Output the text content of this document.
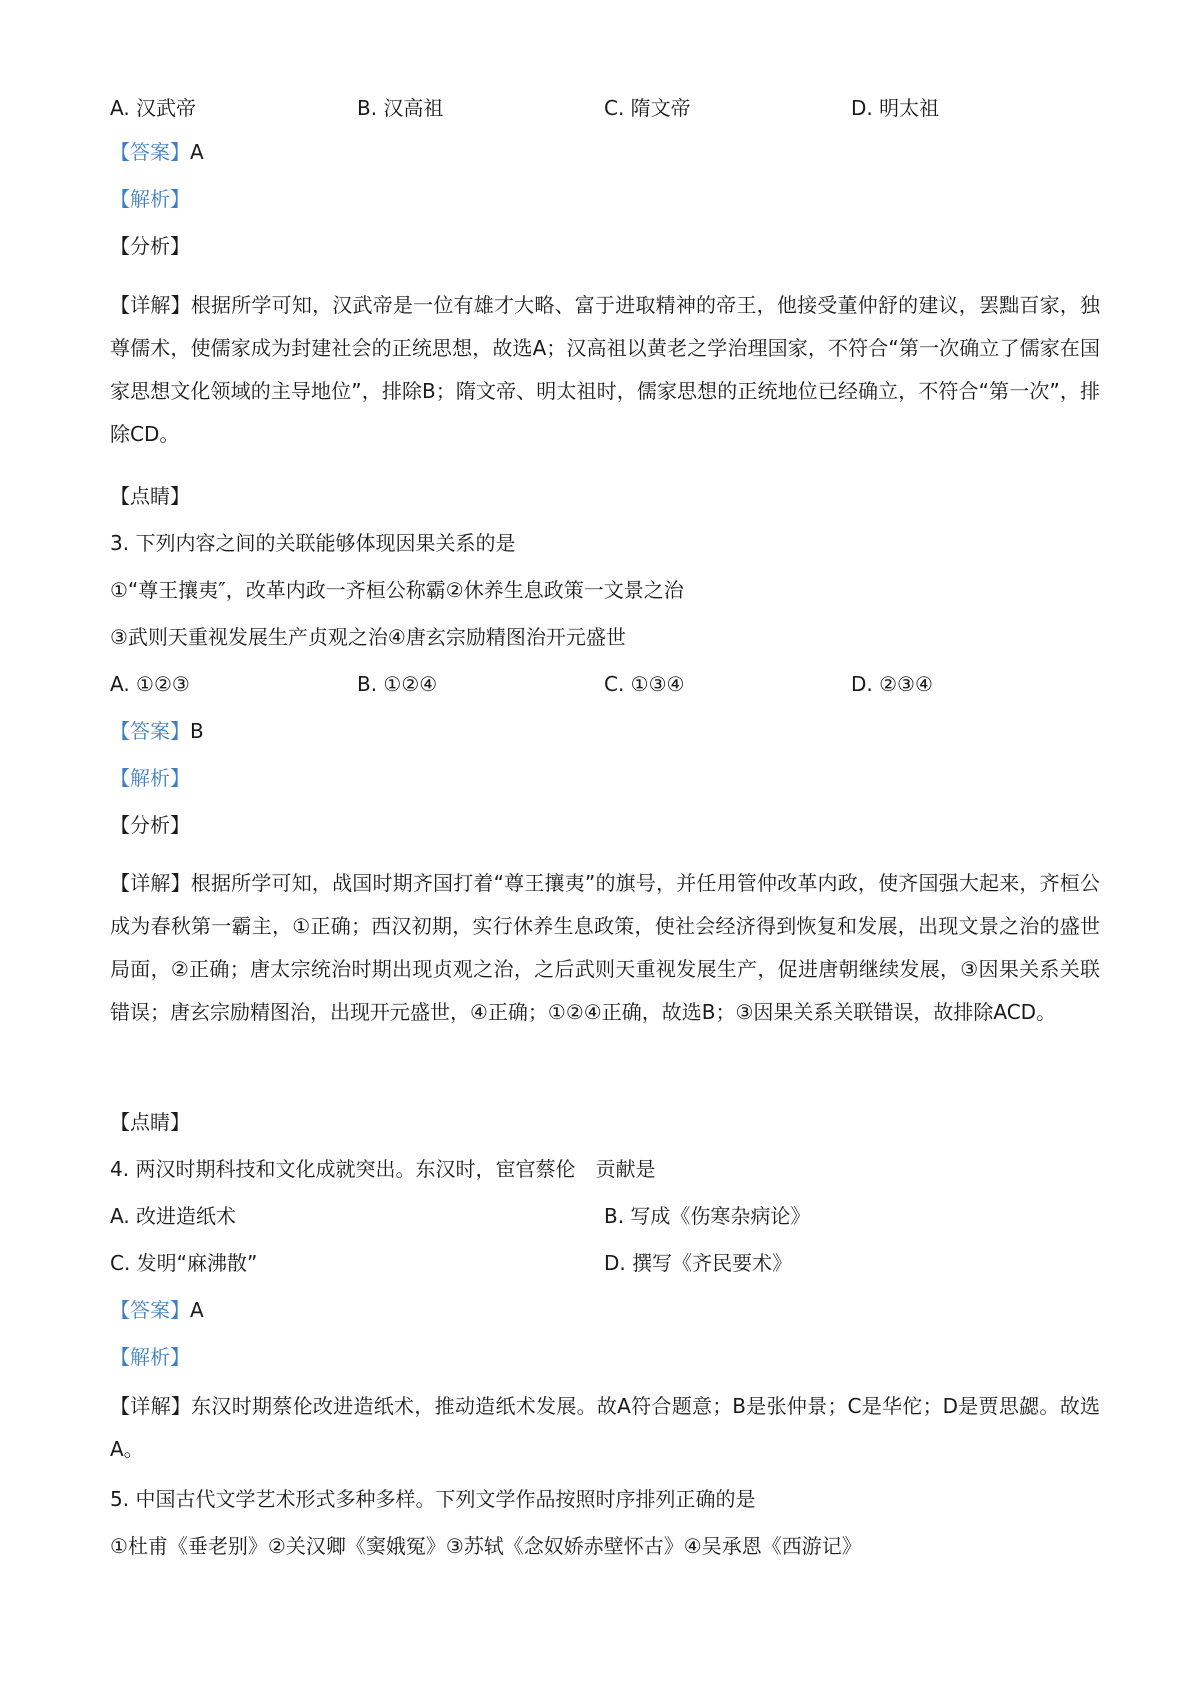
A. 汉武帝	B. 汉高祖	C. 隋文帝	D. 明太祖
【答案】A
【解析】
【分析】
【详解】根据所学可知，汉武帝是一位有雄才大略、富于进取精神的帝王，他接受董仲舒的建议，罢黜百家，独尊儒术，使儒家成为封建社会的正统思想，故选A；汉高祖以黄老之学治理国家，不符合“第一次确立了儒家在国家思想文化领域的主导地位”，排除B；隋文帝、明太祖时，儒家思想的正统地位已经确立，不符合“第一次”，排除CD。
【点睛】
3. 下列内容之间的关联能够体现因果关系的是
①“尊王攘夷″，改革内政一齐桓公称霸②休养生息政策一文景之治
③武则天重视发展生产贞观之治④唐玄宗励精图治开元盛世
A. ①②③	B. ①②④	C. ①③④	D. ②③④
【答案】B
【解析】
【分析】
【详解】根据所学可知，战国时期齐国打着“尊王攘夷”的旗号，并任用管仲改革内政，使齐国强大起来，齐桓公成为春秋第一霸主，①正确；西汉初期，实行休养生息政策，使社会经济得到恢复和发展，出现文景之治的盛世局面，②正确；唐太宗统治时期出现贞观之治，之后武则天重视发展生产，促进唐朝继续发展，③因果关系关联错误；唐玄宗励精图治，出现开元盛世，④正确；①②④正确，故选B；③因果关系关联错误，故排除ACD。
【点睛】
4. 两汉时期科技和文化成就突出。东汉时，宦官蔡伦　贡献是
A. 改进造纸术	B. 写成《伤寒杂病论》
C. 发明“麻沸散”	D. 撰写《齐民要术》
【答案】A
【解析】
【详解】东汉时期蔡伦改进造纸术，推动造纸术发展。故A符合题意；B是张仲景；C是华佗；D是贾思勰。故选A。
5. 中国古代文学艺术形式多种多样。下列文学作品按照时序排列正确的是
①杜甫《垂老别》②关汉卿《窦娥冤》③苏轼《念奴娇赤壁怀古》④吴承恩《西游记》
